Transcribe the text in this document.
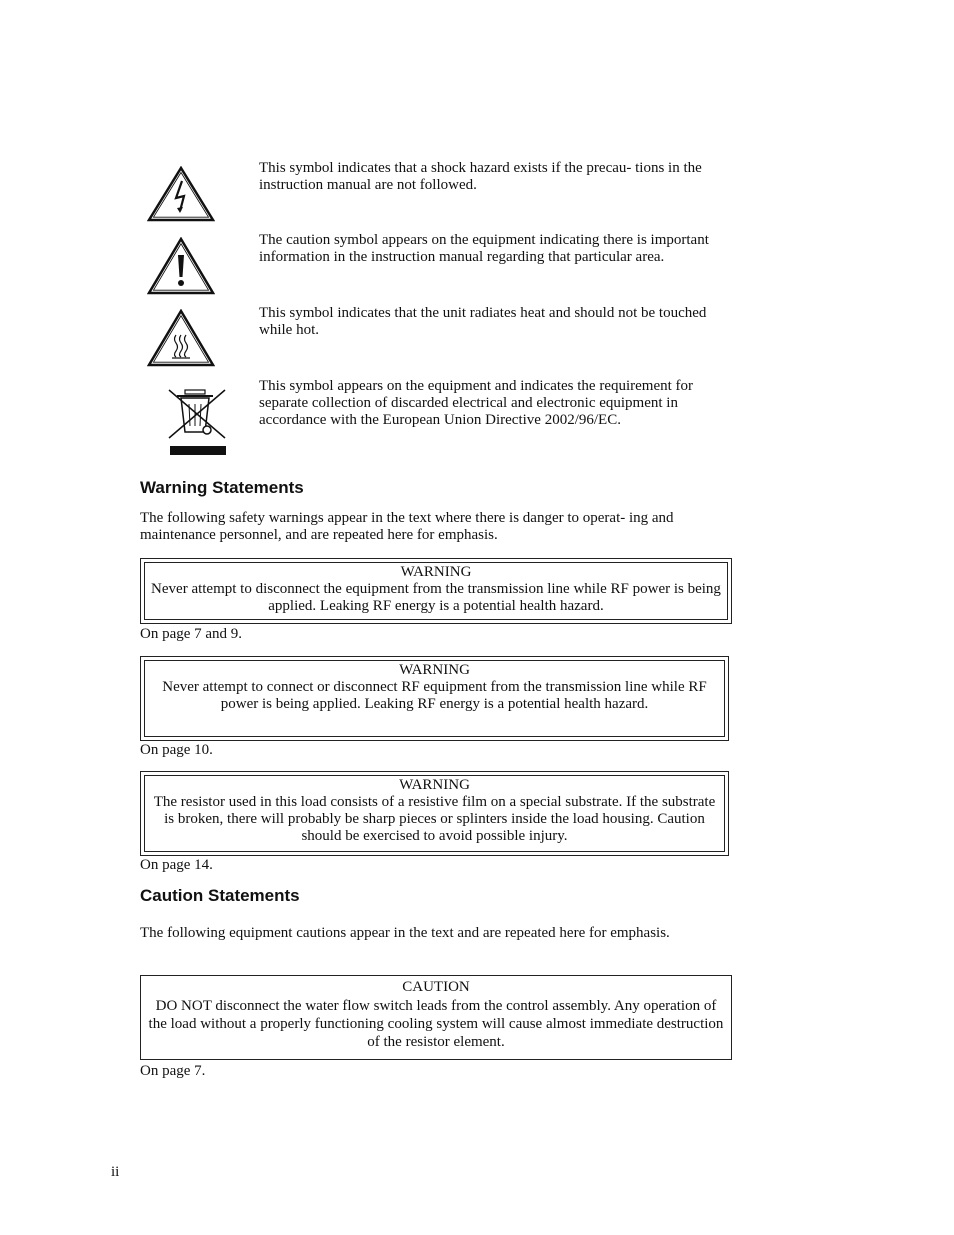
This symbol indicates that a shock hazard exists if the precau- tions in the instruction manual are not followed.
The caution symbol appears on the equipment indicating there is important information in the instruction manual regarding that particular area.
This symbol indicates that the unit radiates heat and should not be touched while hot.
This symbol appears on the equipment and indicates the requirement for separate collection of discarded electrical and electronic equipment in accordance with the European Union Directive 2002/96/EC.
Warning Statements
The following safety warnings appear in the text where there is danger to operat- ing and maintenance personnel, and are repeated here for emphasis.
WARNING
Never attempt to disconnect the equipment from the transmission line while RF power is being applied. Leaking RF energy is a potential health hazard.
On page 7 and 9.
WARNING
Never attempt to connect or disconnect RF equipment from the transmission line while RF power is being applied. Leaking RF energy is a potential health hazard.
On page 10.
WARNING
The resistor used in this load consists of a resistive film on a special substrate. If the substrate is broken, there will probably be sharp pieces or splinters inside the load housing. Caution should be exercised to avoid possible injury.
On page 14.
Caution Statements
The following equipment cautions appear in the text and are repeated here for emphasis.
CAUTION
DO NOT disconnect the water flow switch leads from the control assembly. Any operation of the load without a properly functioning cooling system will cause almost immediate destruction of the resistor element.
On page 7.
ii
